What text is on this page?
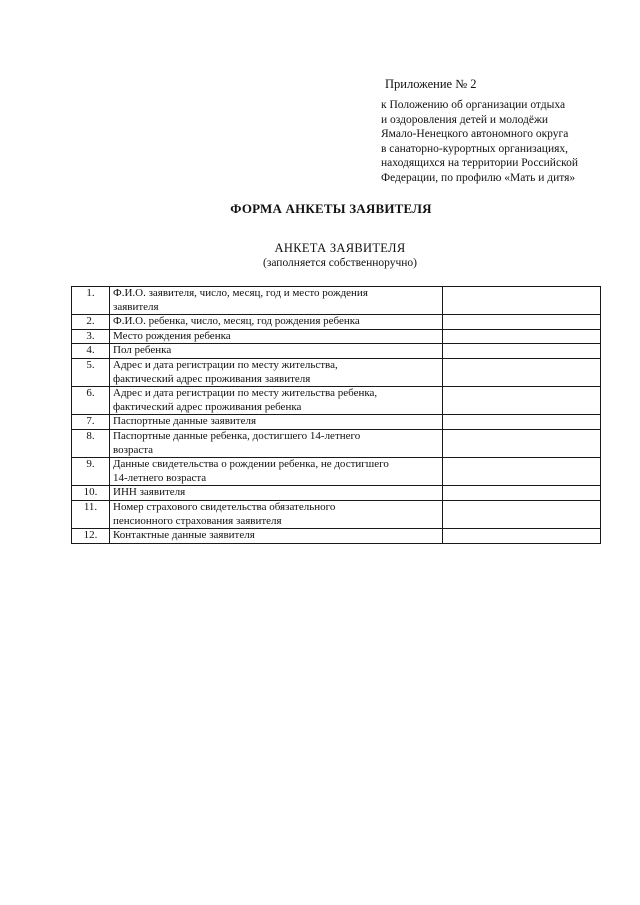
Приложение № 2
к Положению об организации отдыха
и оздоровления детей и молодёжи
Ямало-Ненецкого автономного округа
в санаторно-курортных организациях,
находящихся на территории Российской
Федерации, по профилю «Мать и дитя»
ФОРМА АНКЕТЫ ЗАЯВИТЕЛЯ
АНКЕТА ЗАЯВИТЕЛЯ
(заполняется собственноручно)
1.	Ф.И.О. заявителя, число, месяц, год и место рождения
заявителя	

2.	Ф.И.О. ребенка, число, месяц, год рождения ребенка	

3.	Место рождения ребенка	

4.	Пол ребенка	

5.	Адрес и дата регистрации по месту жительства,
фактический адрес проживания заявителя	

6.	Адрес и дата регистрации по месту жительства ребенка,
фактический адрес проживания ребенка	

7.	Паспортные данные заявителя	

8.	Паспортные данные ребенка, достигшего 14-летнего
возраста	

9.	Данные свидетельства о рождении ребенка, не достигшего
14-летнего возраста	

10.	ИНН заявителя	

11.	Номер страхового свидетельства обязательного
пенсионного страхования заявителя	

12.	Контактные данные заявителя	
